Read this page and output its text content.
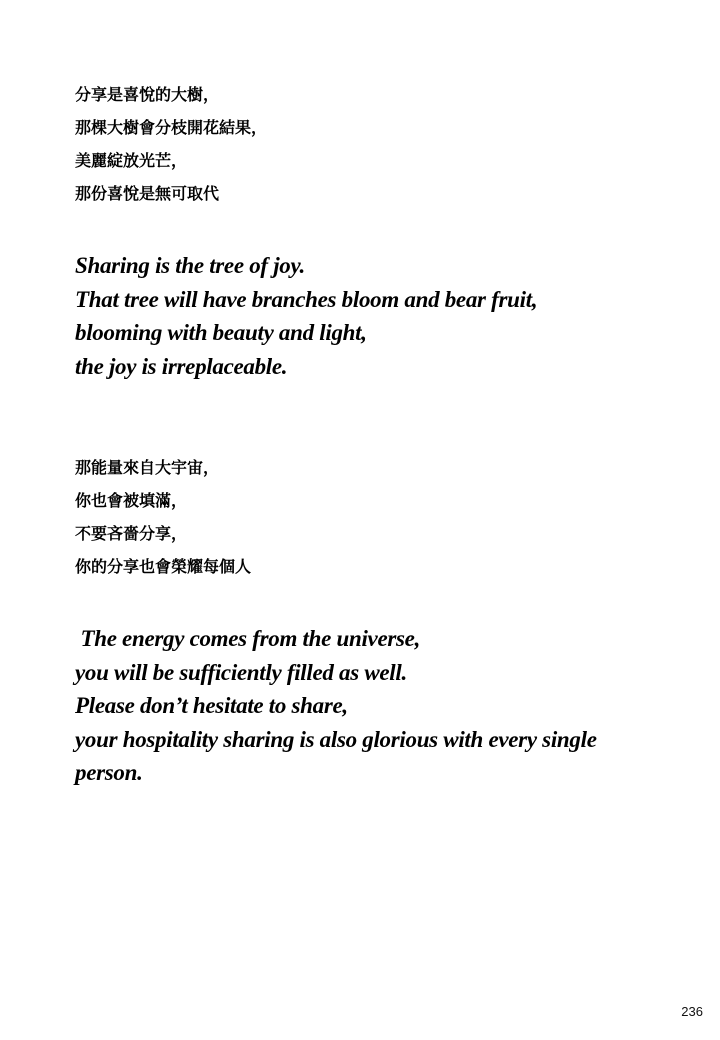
分享是喜悅的大樹，
那棵大樹會分枝開花結果，
美麗綻放光芒，
那份喜悅是無可取代
Sharing is the tree of joy.
That tree will have branches bloom and bear fruit,
blooming with beauty and light,
the joy is irreplaceable.
那能量來自大宇宙，
你也會被填滿，
不要吝嗇分享，
你的分享也會榮耀每個人
The energy comes from the universe,
you will be sufficiently filled as well.
Please don’t hesitate to share,
your hospitality sharing is also glorious with every single
person.
236
